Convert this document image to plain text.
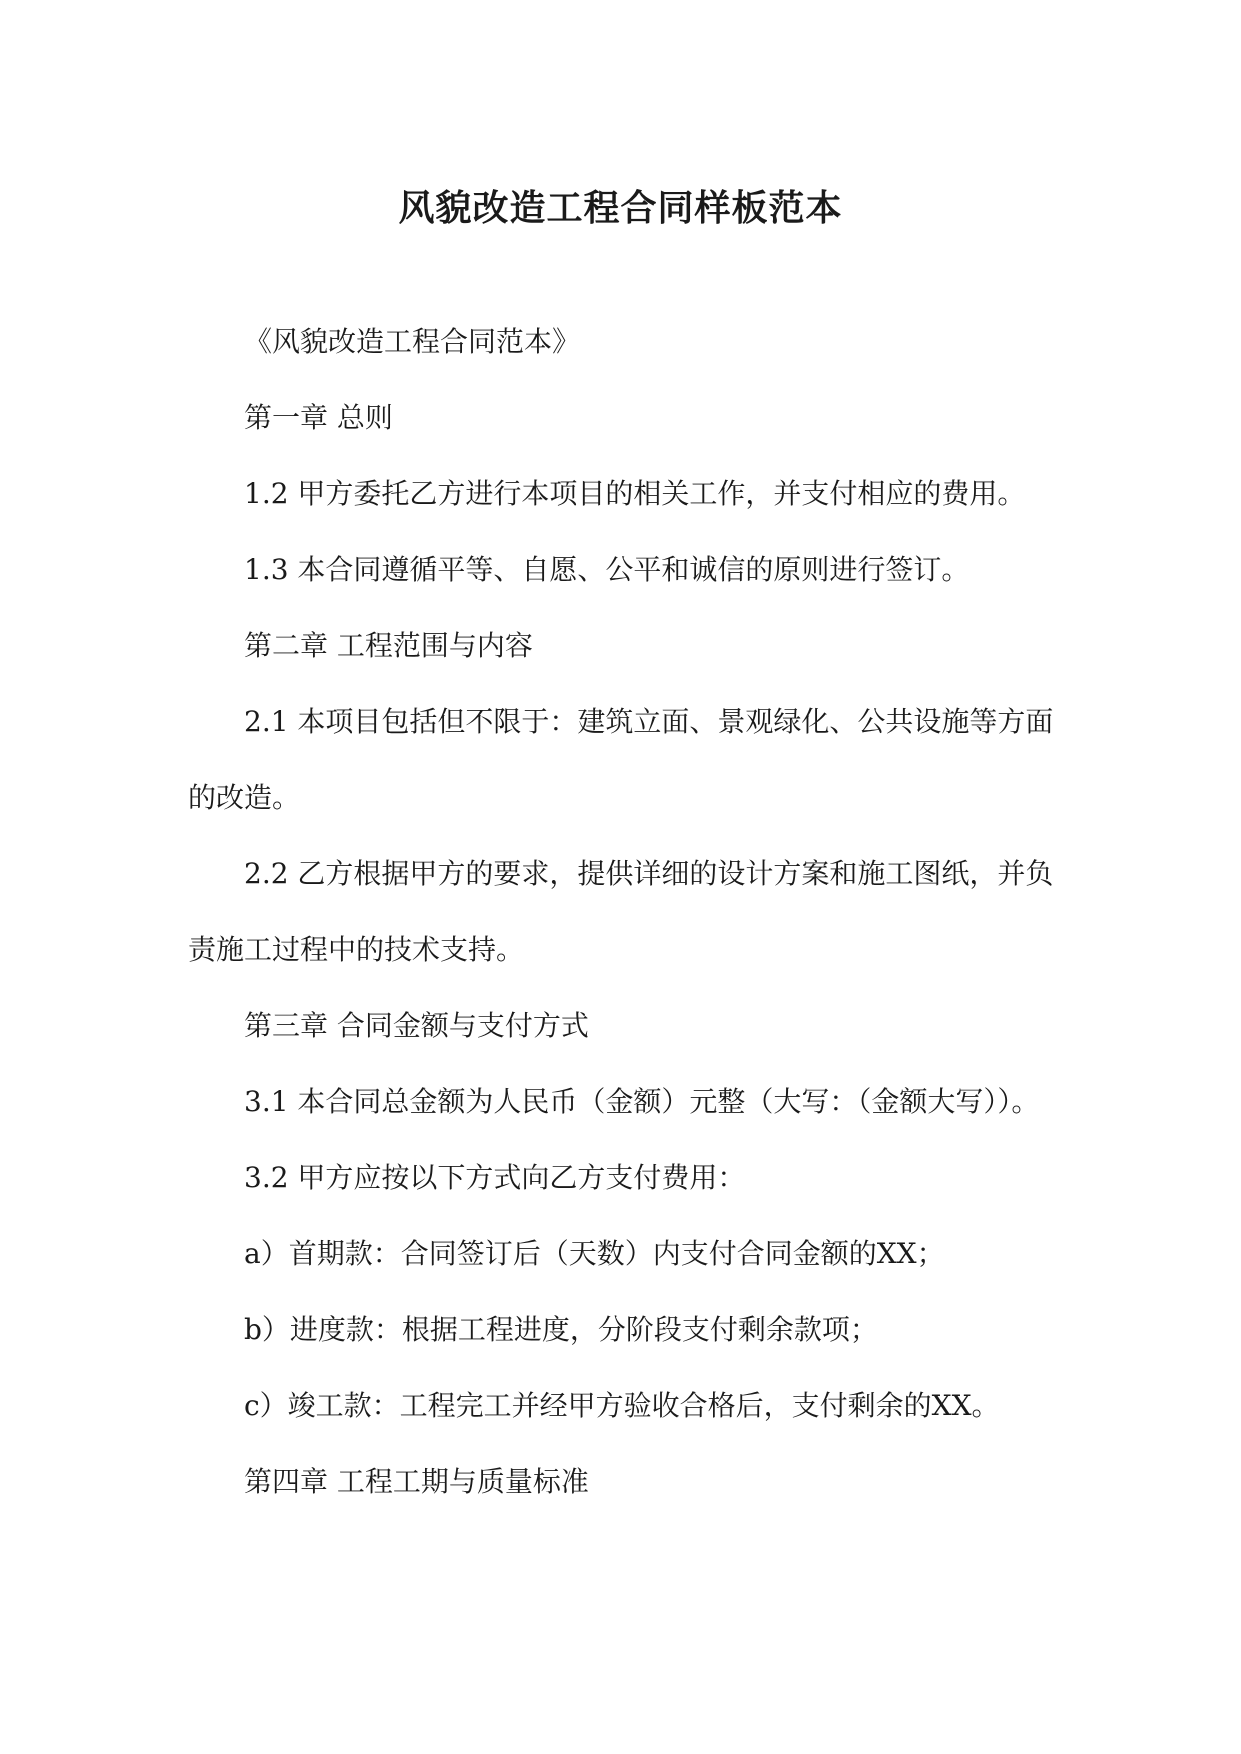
风貌改造工程合同样板范本

《风貌改造工程合同范本》

第一章 总则

1.2 甲方委托乙方进行本项目的相关工作，并支付相应的费用。

1.3 本合同遵循平等、自愿、公平和诚信的原则进行签订。

第二章 工程范围与内容

2.1 本项目包括但不限于：建筑立面、景观绿化、公共设施等方面的改造。

2.2 乙方根据甲方的要求，提供详细的设计方案和施工图纸，并负责施工过程中的技术支持。

第三章 合同金额与支付方式

3.1 本合同总金额为人民币（金额）元整（大写：（金额大写））。

3.2 甲方应按以下方式向乙方支付费用：

a）首期款：合同签订后（天数）内支付合同金额的XX；

b）进度款：根据工程进度，分阶段支付剩余款项；

c）竣工款：工程完工并经甲方验收合格后，支付剩余的XX。

第四章 工程工期与质量标准
